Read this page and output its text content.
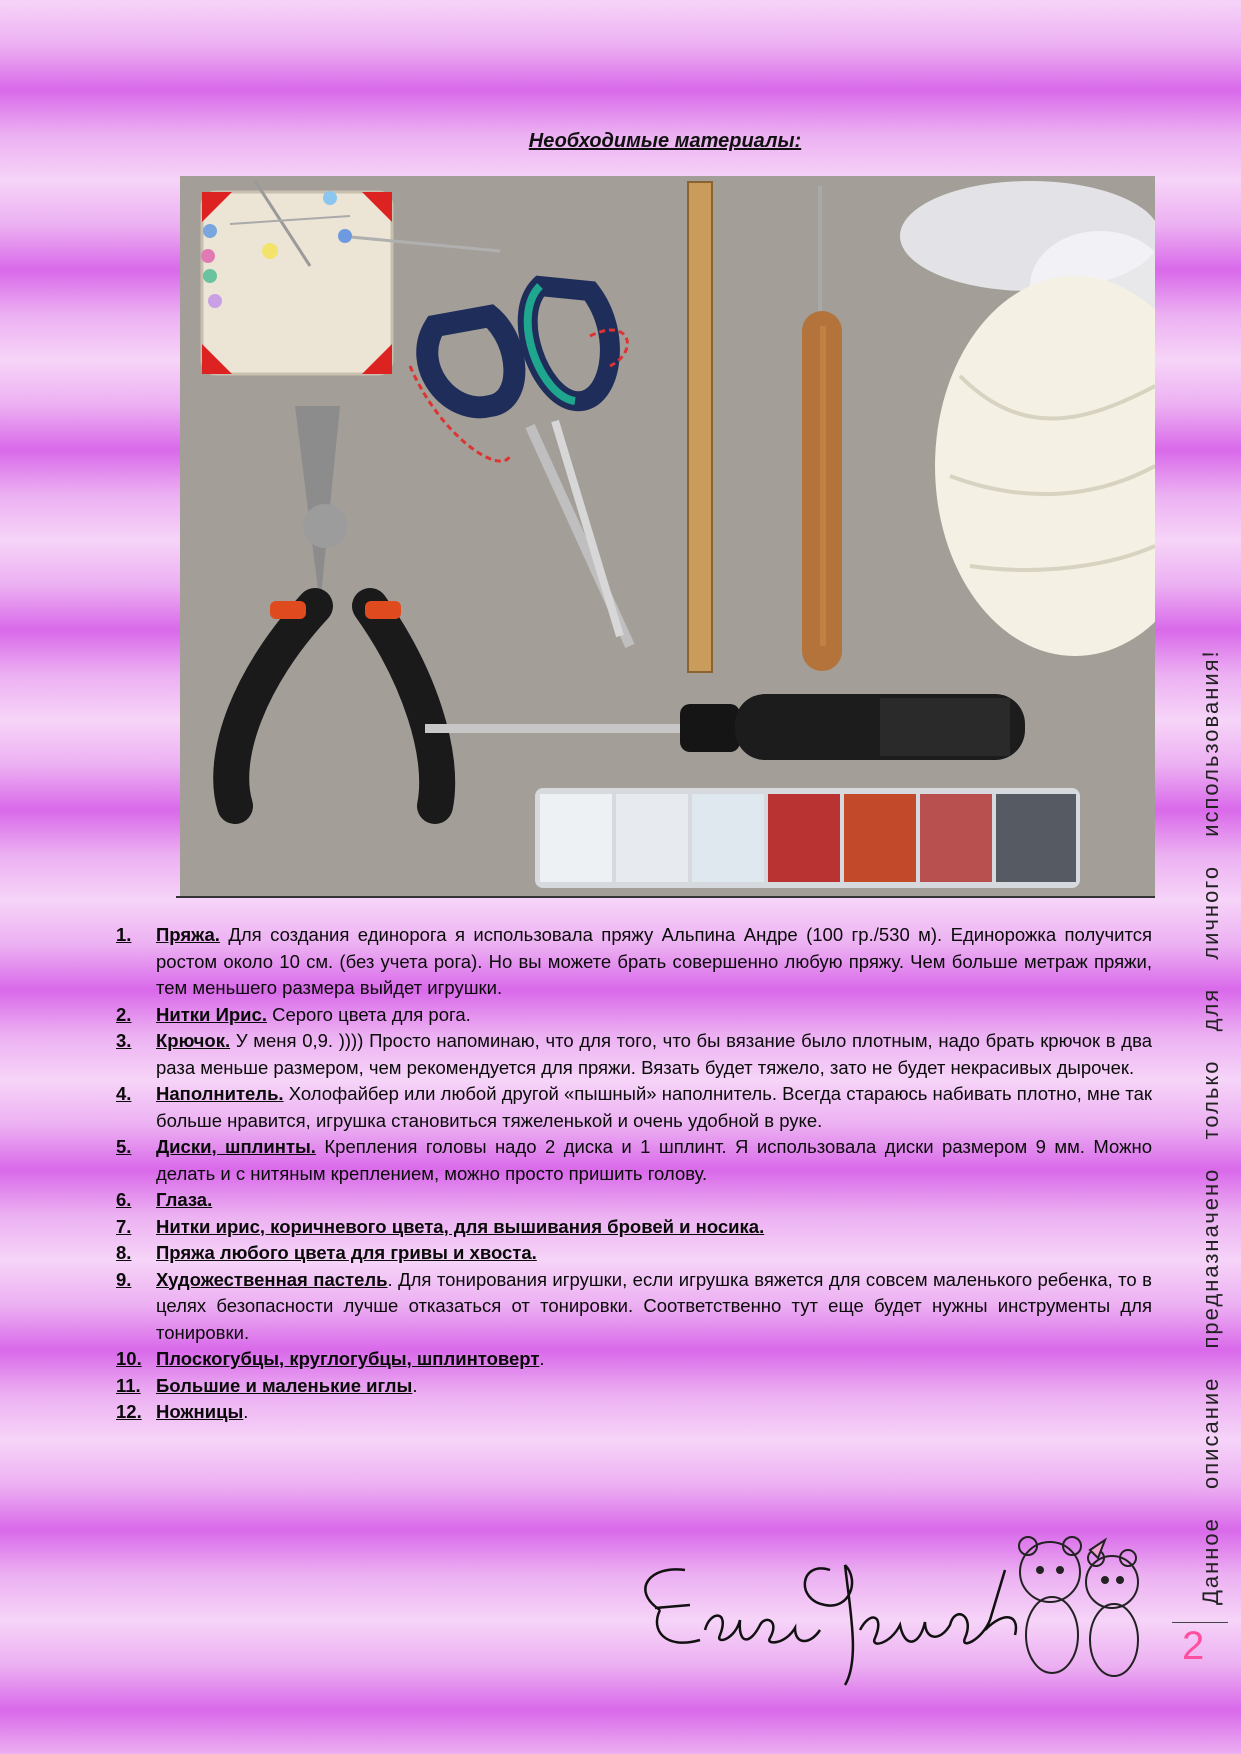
Необходимые материалы:
1.	Пряжа. Для создания единорога я использовала пряжу Альпина Андре (100 гр./530 м). Единорожка получится ростом около 10 см. (без учета рога). Но вы можете брать совершенно любую пряжу. Чем больше метраж пряжи, тем меньшего размера выйдет игрушки.
2.	Нитки Ирис. Серого цвета для рога.
3.	Крючок. У меня 0,9. )))) Просто напоминаю, что для того, что бы вязание было плотным, надо брать крючок в два раза меньше размером, чем рекомендуется для пряжи. Вязать будет тяжело, зато не будет некрасивых дырочек.
4.	Наполнитель. Холофайбер или любой другой «пышный» наполнитель. Всегда стараюсь набивать плотно, мне так больше нравится, игрушка становиться тяжеленькой и очень удобной в руке.
5.	Диски, шплинты. Крепления головы надо 2 диска и 1 шплинт. Я использовала диски размером 9 мм. Можно делать и с нитяным креплением, можно просто пришить голову.
6.	Глаза.
7.	Нитки ирис, коричневого цвета, для вышивания бровей и носика.
8.	Пряжа любого цвета для гривы и хвоста.
9.	Художественная пастель. Для тонирования игрушки, если игрушка вяжется для совсем маленького ребенка, то в целях безопасности лучше отказаться от тонировки. Соответственно тут еще будет нужны инструменты для тонировки.
10. Плоскогубцы, круглогубцы, шплинтоверт.
11. Большие и маленькие иглы.
12. Ножницы.	Данное описание предназначено только для личного использования!
2
